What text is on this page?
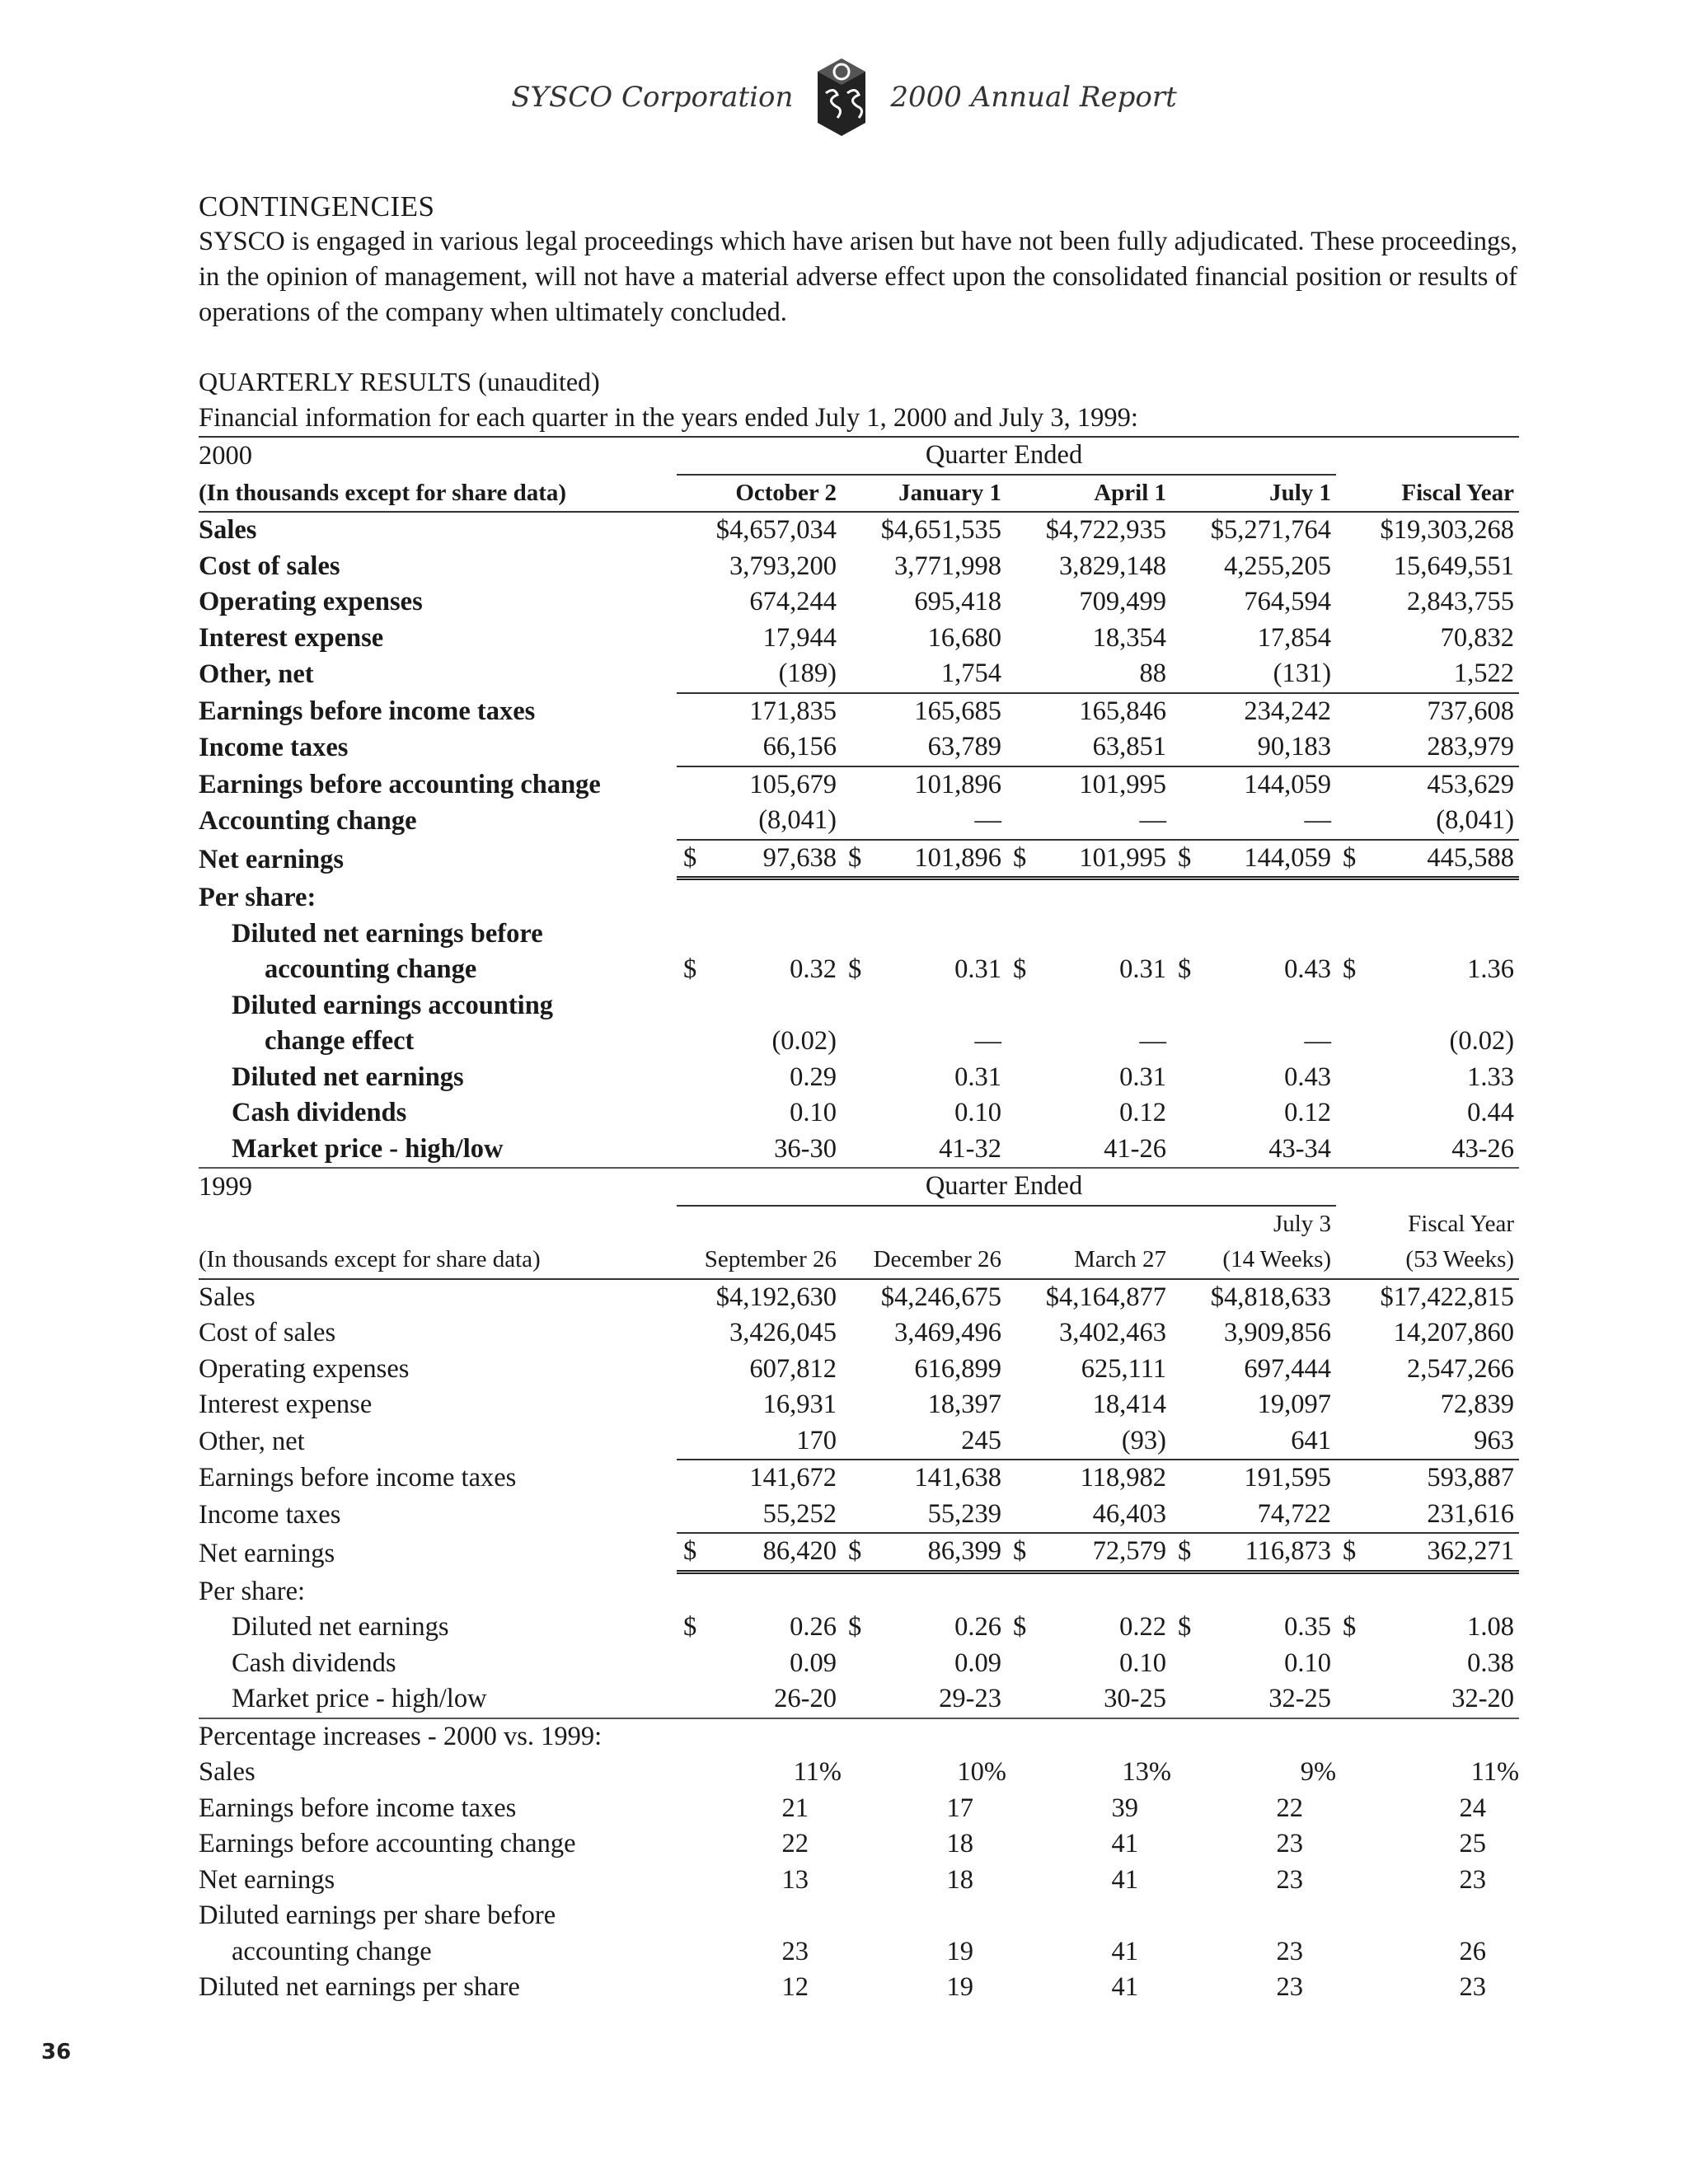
SYSCO Corporation	2000 Annual Report
CONTINGENCIES

SYSCO is engaged in various legal proceedings which have arisen but have not been fully adjudicated. These proceedings, in the opinion of management, will not have a material adverse effect upon the consolidated financial position or results of operations of the company when ultimately concluded.

QUARTERLY RESULTS (unaudited)
Financial information for each quarter in the years ended July 1, 2000 and July 3, 1999:
2000	Quarter Ended				
(In thousands except for share data)	October 2	January 1	April 1	July 1	Fiscal Year
Sales	$4,657,034	$4,651,535	$4,722,935	$5,271,764	$19,303,268
Cost of sales	3,793,200	3,771,998	3,829,148	4,255,205	15,649,551
Operating expenses	674,244	695,418	709,499	764,594	2,843,755
Interest expense	17,944	16,680	18,354	17,854	70,832
Other, net	(189)	1,754	88	(131)	1,522
Earnings before income taxes	171,835	165,685	165,846	234,242	737,608
Income taxes	66,156	63,789	63,851	90,183	283,979
Earnings before accounting change	105,679	101,896	101,995	144,059	453,629
Accounting change	(8,041)	—	—	—	(8,041)
Net earnings	$ 97,638	$ 101,896	$ 101,995	$ 144,059	$ 445,588
Per share:					
Diluted net earnings before					
accounting change	$ 0.32	$ 0.31	$ 0.31	$ 0.43	$ 1.36
Diluted earnings accounting					
change effect	(0.02)	—	—	—	(0.02)
Diluted net earnings	0.29	0.31	0.31	0.43	1.33
Cash dividends	0.10	0.10	0.12	0.12	0.44
Market price - high/low	36-30	41-32	41-26	43-34	43-26
1999	Quarter Ended				
				July 3	Fiscal Year
(In thousands except for share data)	September 26	December 26	March 27	(14 Weeks)	(53 Weeks)
Sales	$4,192,630	$4,246,675	$4,164,877	$4,818,633	$17,422,815
Cost of sales	3,426,045	3,469,496	3,402,463	3,909,856	14,207,860
Operating expenses	607,812	616,899	625,111	697,444	2,547,266
Interest expense	16,931	18,397	18,414	19,097	72,839
Other, net	170	245	(93)	641	963
Earnings before income taxes	141,672	141,638	118,982	191,595	593,887
Income taxes	55,252	55,239	46,403	74,722	231,616
Net earnings	$ 86,420	$ 86,399	$ 72,579	$ 116,873	$ 362,271
Per share:					
Diluted net earnings	$ 0.26	$ 0.26	$ 0.22	$ 0.35	$ 1.08
Cash dividends	0.09	0.09	0.10	0.10	0.38
Market price - high/low	26-20	29-23	30-25	32-25	32-20
Percentage increases - 2000 vs. 1999:					
Sales	11%	10%	13%	9%	11%
Earnings before income taxes	21	17	39	22	24
Earnings before accounting change	22	18	41	23	25
Net earnings	13	18	41	23	23
Diluted earnings per share before					
accounting change	23	19	41	23	26
Diluted net earnings per share	12	19	41	23	23
36
